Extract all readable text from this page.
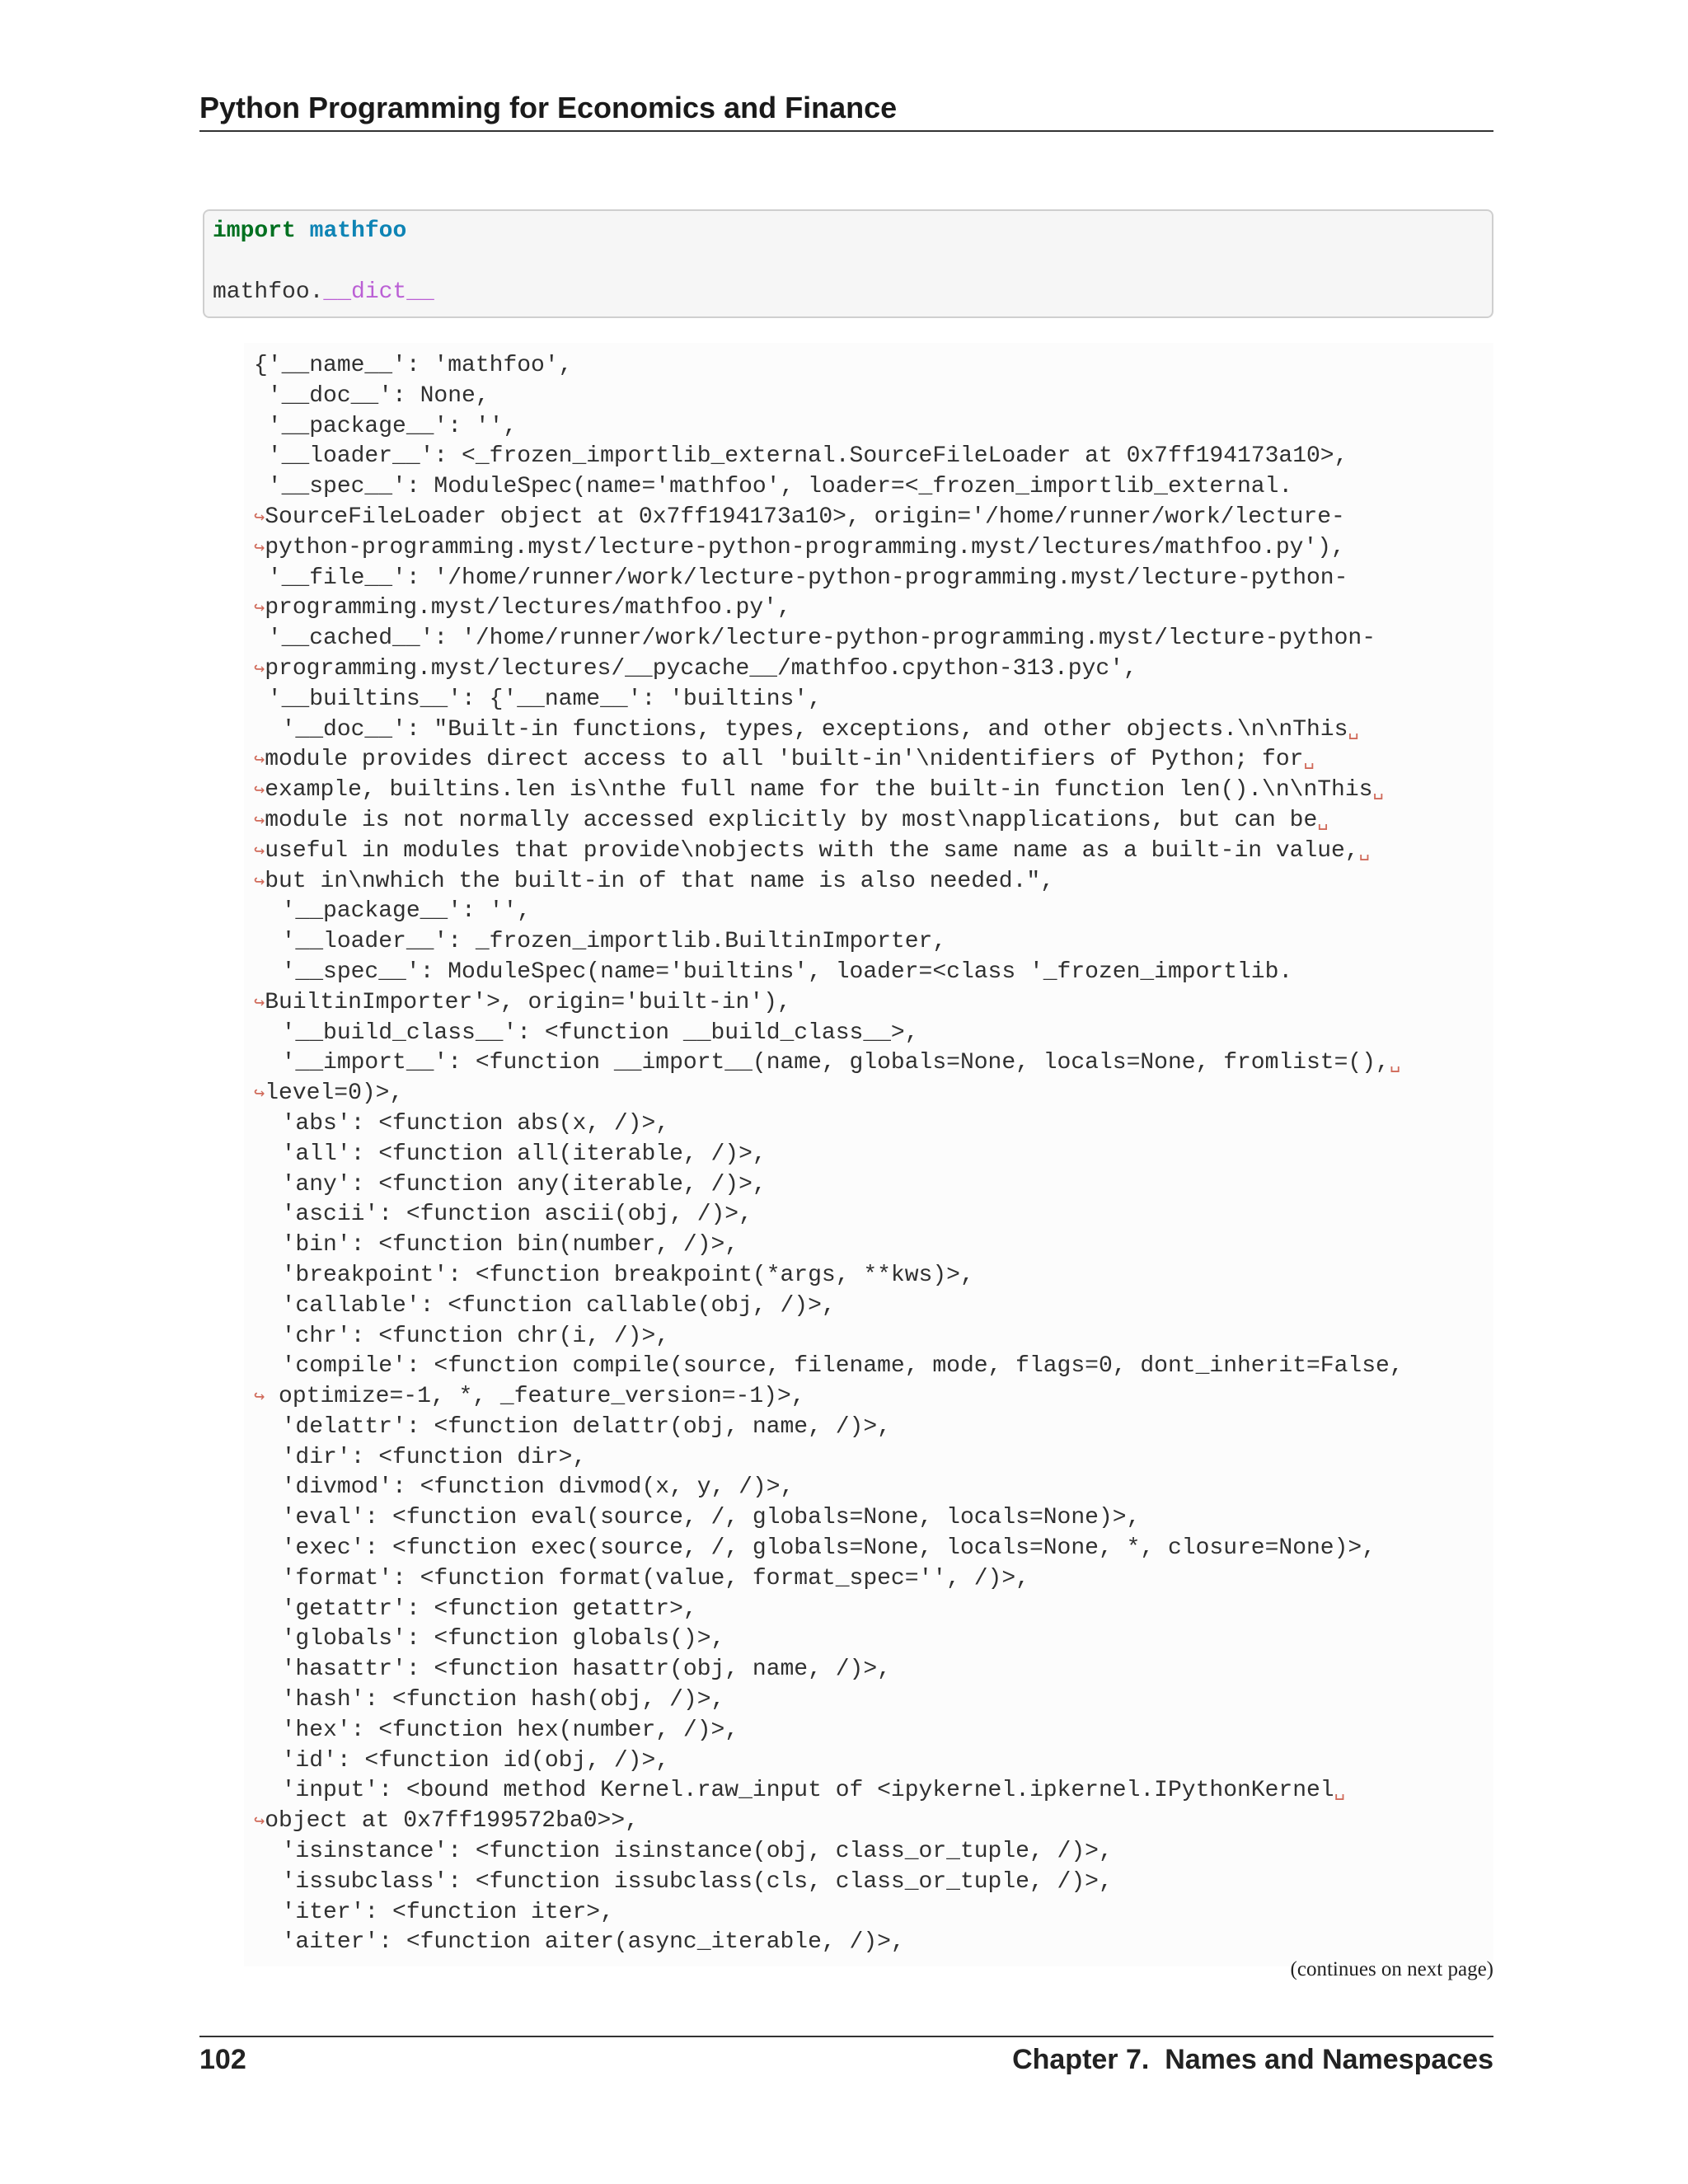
Python Programming for Economics and Finance
import mathfoo
mathfoo.__dict__
{'__name__': 'mathfoo',
'__doc__': None,
'__package__': '',
'__loader__': <_frozen_importlib_external.SourceFileLoader at 0x7ff194173a10>,
'__spec__': ModuleSpec(name='mathfoo', loader=<_frozen_importlib_external.
↪SourceFileLoader object at 0x7ff194173a10>, origin='/home/runner/work/lecture-
↪python-programming.myst/lecture-python-programming.myst/lectures/mathfoo.py'),
'__file__': '/home/runner/work/lecture-python-programming.myst/lecture-python-
↪programming.myst/lectures/mathfoo.py',
'__cached__': '/home/runner/work/lecture-python-programming.myst/lecture-python-
↪programming.myst/lectures/__pycache__/mathfoo.cpython-313.pyc',
'__builtins__': {'__name__': 'builtins',
'__doc__': "Built-in functions, types, exceptions, and other objects.\n\nThis␣
↪module provides direct access to all 'built-in'\nidentifiers of Python; for␣
↪example, builtins.len is\nthe full name for the built-in function len().\n\nThis␣
↪module is not normally accessed explicitly by most\napplications, but can be␣
↪useful in modules that provide\nobjects with the same name as a built-in value,␣
↪but in\nwhich the built-in of that name is also needed.",
'__package__': '',
'__loader__': _frozen_importlib.BuiltinImporter,
'__spec__': ModuleSpec(name='builtins', loader=<class '_frozen_importlib.
↪BuiltinImporter'>, origin='built-in'),
'__build_class__': <function __build_class__>,
'__import__': <function __import__(name, globals=None, locals=None, fromlist=(),␣
↪level=0)>,
'abs': <function abs(x, /)>,
'all': <function all(iterable, /)>,
'any': <function any(iterable, /)>,
'ascii': <function ascii(obj, /)>,
'bin': <function bin(number, /)>,
'breakpoint': <function breakpoint(*args, **kws)>,
'callable': <function callable(obj, /)>,
'chr': <function chr(i, /)>,
'compile': <function compile(source, filename, mode, flags=0, dont_inherit=False,
↪ optimize=-1, *, _feature_version=-1)>,
'delattr': <function delattr(obj, name, /)>,
'dir': <function dir>,
'divmod': <function divmod(x, y, /)>,
'eval': <function eval(source, /, globals=None, locals=None)>,
'exec': <function exec(source, /, globals=None, locals=None, *, closure=None)>,
'format': <function format(value, format_spec='', /)>,
'getattr': <function getattr>,
'globals': <function globals()>,
'hasattr': <function hasattr(obj, name, /)>,
'hash': <function hash(obj, /)>,
'hex': <function hex(number, /)>,
'id': <function id(obj, /)>,
'input': <bound method Kernel.raw_input of <ipykernel.ipkernel.IPythonKernel␣
↪object at 0x7ff199572ba0>>,
'isinstance': <function isinstance(obj, class_or_tuple, /)>,
'issubclass': <function issubclass(cls, class_or_tuple, /)>,
'iter': <function iter>,
'aiter': <function aiter(async_iterable, /)>,
(continues on next page)
102	Chapter 7.  Names and Namespaces
